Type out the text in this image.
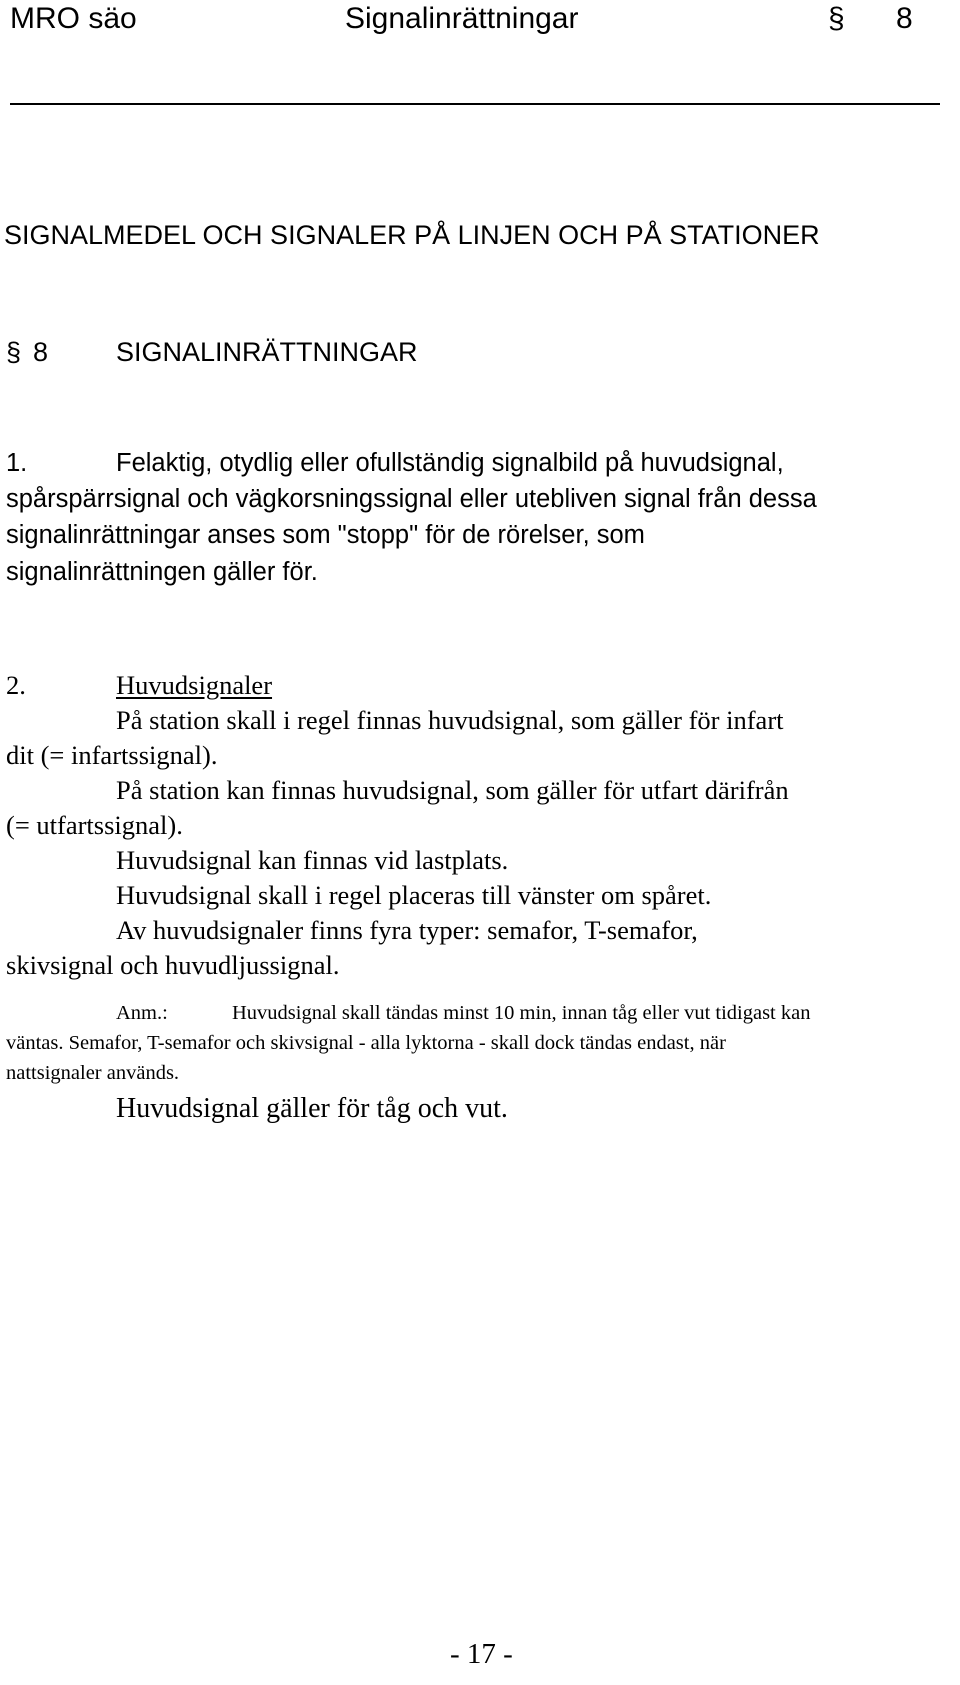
MRO säo	Signalinrättningar	§ 8
SIGNALMEDEL OCH SIGNALER PÅ LINJEN OCH PÅ STATIONER
§ 8	SIGNALINRÄTTNINGAR
1.	Felaktig, otydlig eller ofullständig signalbild på huvudsignal,
spårspärrsignal och vägkorsningssignal eller utebliven signal från dessa
signalinrättningar anses som "stopp" för de rörelser, som
signalinrättningen gäller för.
2.	Huvudsignaler
På station skall i regel finnas huvudsignal, som gäller för infart
dit (= infartssignal).
På station kan finnas huvudsignal, som gäller för utfart därifrån
(= utfartssignal).
Huvudsignal kan finnas vid lastplats.
Huvudsignal skall i regel placeras till vänster om spåret.
Av huvudsignaler finns fyra typer: semafor, T-semafor,
skivsignal och huvudljussignal.
Anm.:	Huvudsignal skall tändas minst 10 min, innan tåg eller vut tidigast kan
väntas. Semafor, T-semafor och skivsignal - alla lyktorna - skall dock tändas endast, när
nattsignaler används.
Huvudsignal gäller för tåg och vut.
- 17 -
